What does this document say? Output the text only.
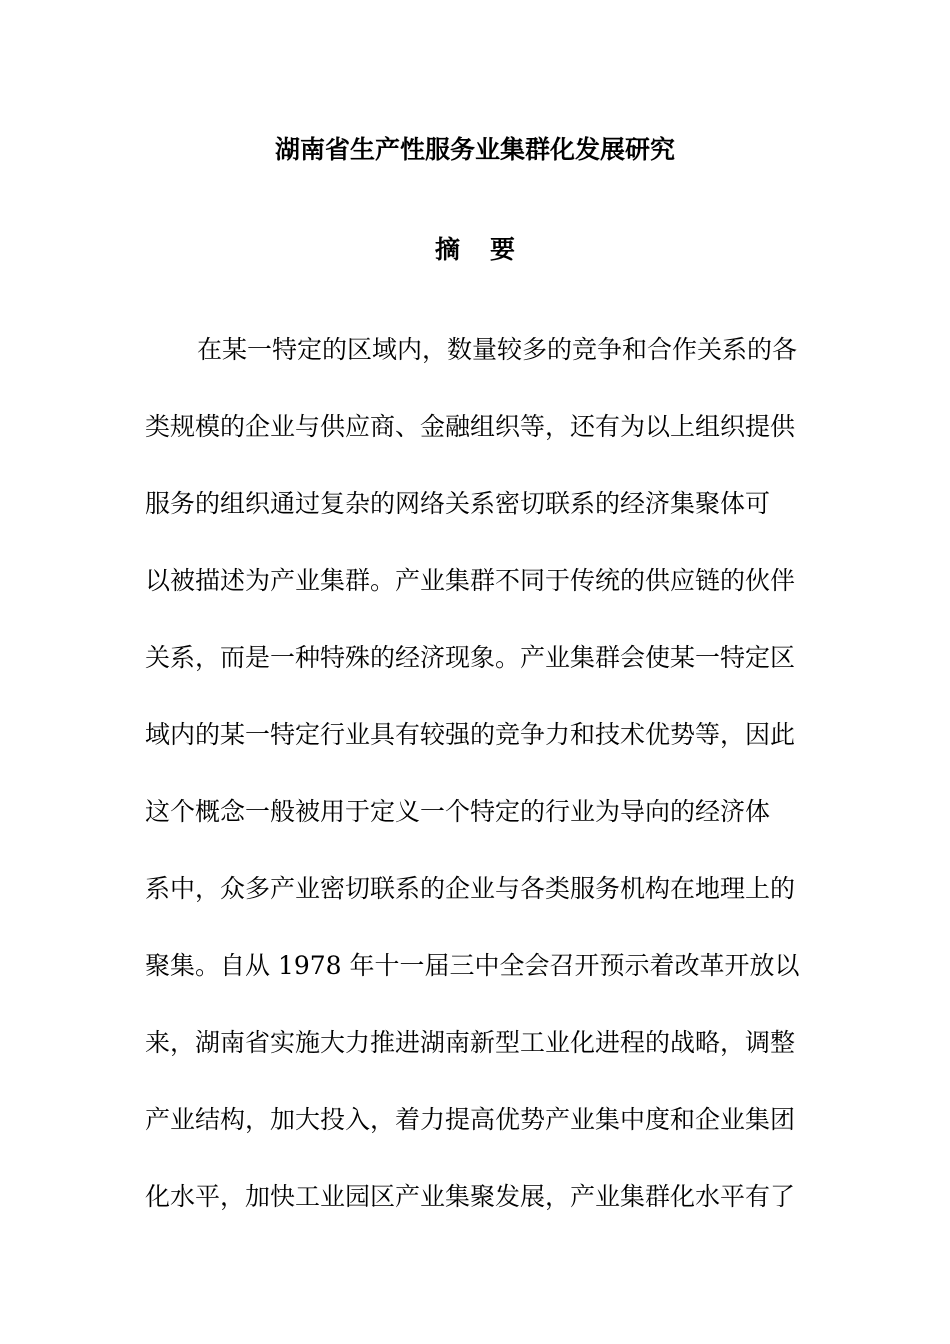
湖南省生产性服务业集群化发展研究
摘要
在某一特定的区域内，数量较多的竞争和合作关系的各
类规模的企业与供应商、金融组织等，还有为以上组织提供
服务的组织通过复杂的网络关系密切联系的经济集聚体可
以被描述为产业集群。产业集群不同于传统的供应链的伙伴
关系，而是一种特殊的经济现象。产业集群会使某一特定区
域内的某一特定行业具有较强的竞争力和技术优势等，因此
这个概念一般被用于定义一个特定的行业为导向的经济体
系中，众多产业密切联系的企业与各类服务机构在地理上的
聚集。自从 1978 年十一届三中全会召开预示着改革开放以
来，湖南省实施大力推进湖南新型工业化进程的战略，调整
产业结构，加大投入，着力提高优势产业集中度和企业集团
化水平，加快工业园区产业集聚发展，产业集群化水平有了
